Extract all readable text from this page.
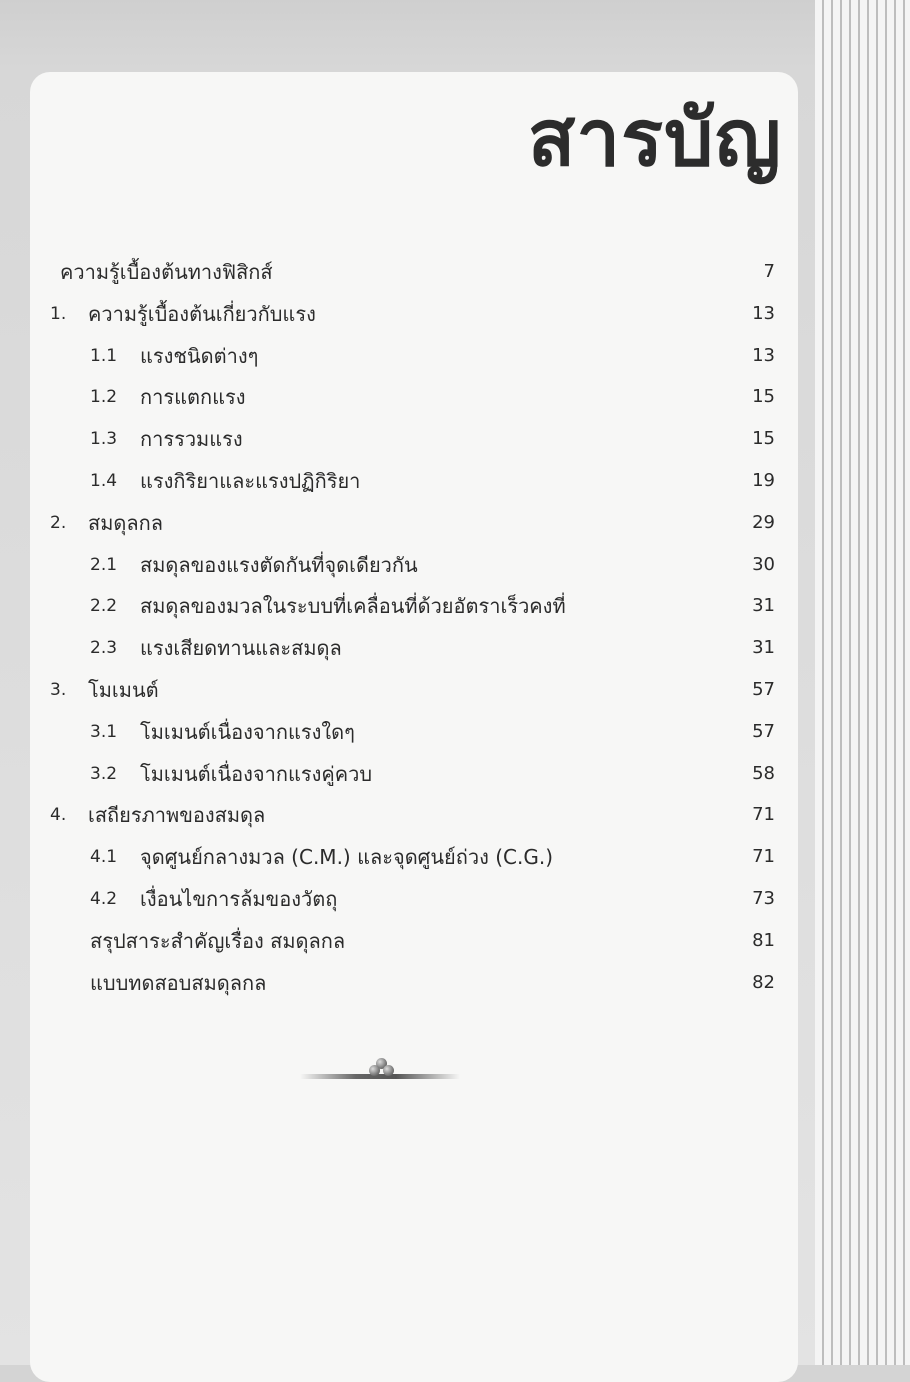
สารบัญ
ความรู้เบื้องต้นทางฟิสิกส์	7
1. ความรู้เบื้องต้นเกี่ยวกับแรง	13
1.1 แรงชนิดต่างๆ	13
1.2 การแตกแรง	15
1.3 การรวมแรง	15
1.4 แรงกิริยาและแรงปฏิกิริยา	19
2. สมดุลกล	29
2.1 สมดุลของแรงตัดกันที่จุดเดียวกัน	30
2.2 สมดุลของมวลในระบบที่เคลื่อนที่ด้วยอัตราเร็วคงที่	31
2.3 แรงเสียดทานและสมดุล	31
3. โมเมนต์	57
3.1 โมเมนต์เนื่องจากแรงใดๆ	57
3.2 โมเมนต์เนื่องจากแรงคู่ควบ	58
4. เสถียรภาพของสมดุล	71
4.1 จุดศูนย์กลางมวล (C.M.) และจุดศูนย์ถ่วง (C.G.)	71
4.2 เงื่อนไขการล้มของวัตถุ	73
สรุปสาระสำคัญเรื่อง สมดุลกล	81
แบบทดสอบสมดุลกล	82
